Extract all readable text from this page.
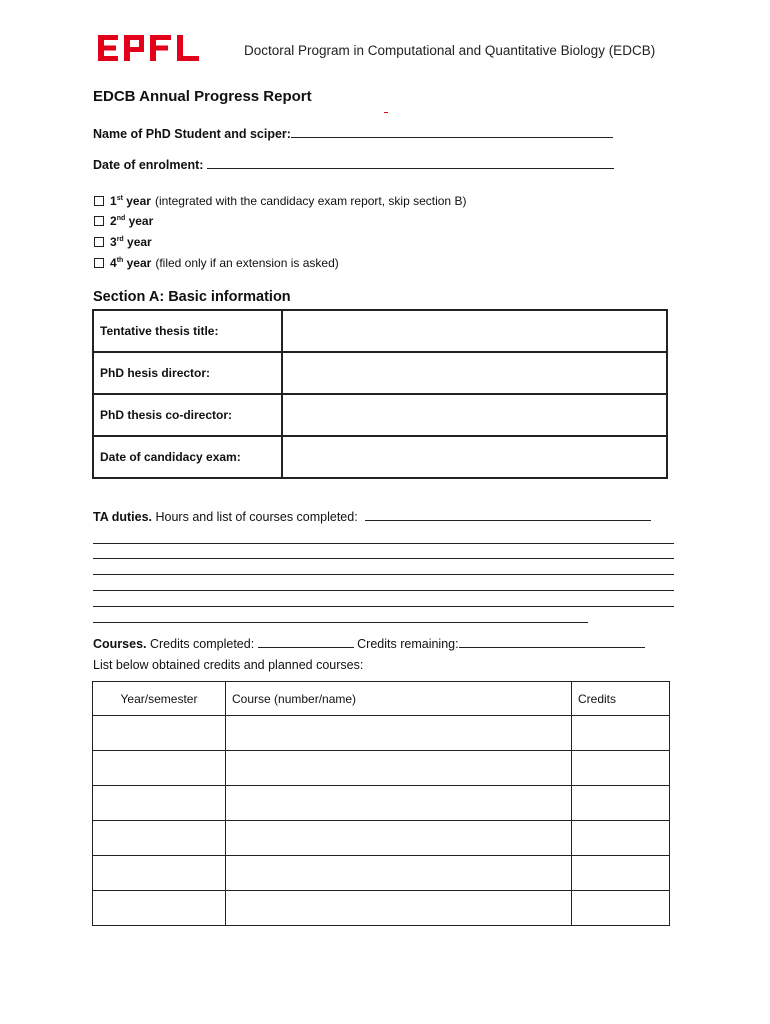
Doctoral Program in Computational and Quantitative Biology (EDCB)
EDCB Annual Progress Report
Name of PhD Student and sciper:
Date of enrolment:
1st year (integrated with the candidacy exam report, skip section B)
2nd year
3rd year
4th year (filed only if an extension is asked)
Section A: Basic information
Tentative thesis title:	
PhD hesis director:	
PhD thesis co-director:	
Date of candidacy exam:	
TA duties. Hours and list of courses completed:
Courses. Credits completed:	Credits remaining:
List below obtained credits and planned courses:
Year/semester	Course (number/name)	Credits
